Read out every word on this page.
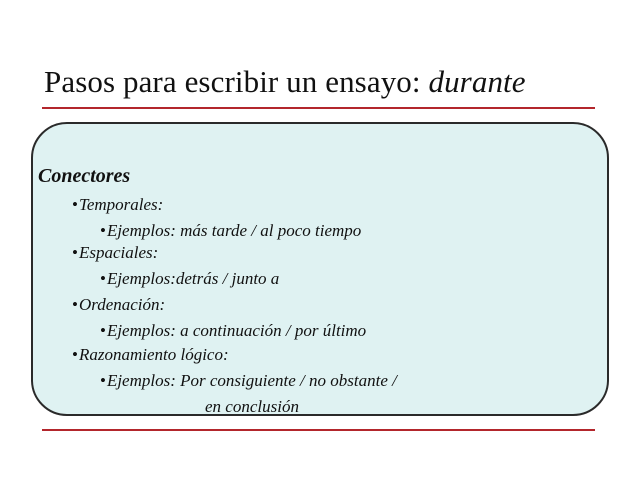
Pasos para escribir un ensayo: durante
Conectores
•Temporales:
•Ejemplos: más tarde / al poco tiempo
•Espaciales:
•Ejemplos:detrás / junto a
•Ordenación:
•Ejemplos: a continuación / por último
•Razonamiento lógico:
•Ejemplos: Por consiguiente / no obstante /
en conclusión
